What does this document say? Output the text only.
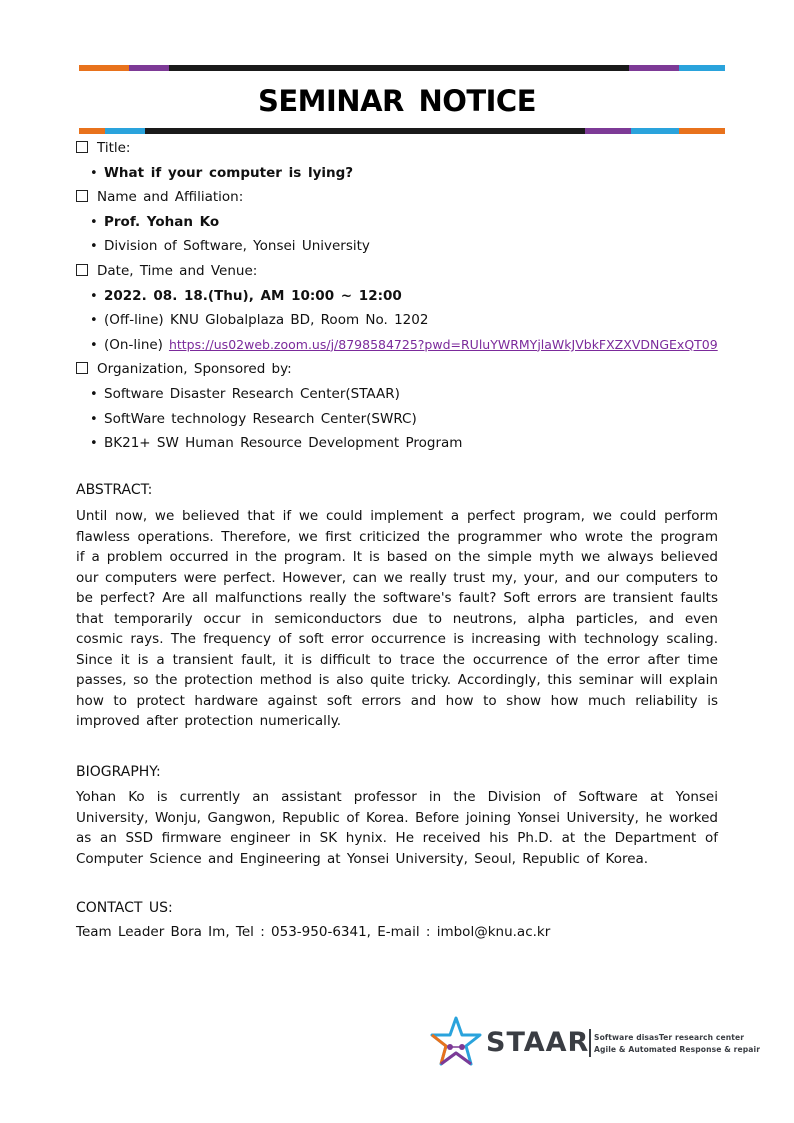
SEMINAR NOTICE
Title:
• What if your computer is lying?
Name and Affiliation:
• Prof. Yohan Ko
• Division of Software, Yonsei University
Date, Time and Venue:
• 2022. 08. 18.(Thu), AM 10:00 ~ 12:00
• (Off-line) KNU Globalplaza BD, Room No. 1202
• (On-line) https://us02web.zoom.us/j/8798584725?pwd=RUluYWRMYjlaWkJVbkFXZXVDNGExQT09
Organization, Sponsored by:
• Software Disaster Research Center(STAAR)
• SoftWare technology Research Center(SWRC)
• BK21+ SW Human Resource Development Program
ABSTRACT:

Until now, we believed that if we could implement a perfect program, we could perform flawless operations. Therefore, we first criticized the programmer who wrote the program if a problem occurred in the program. It is based on the simple myth we always believed our computers were perfect. However, can we really trust my, your, and our computers to be perfect? Are all malfunctions really the software's fault? Soft errors are transient faults that temporarily occur in semiconductors due to neutrons, alpha particles, and even cosmic rays. The frequency of soft error occurrence is increasing with technology scaling. Since it is a transient fault, it is difficult to trace the occurrence of the error after time passes, so the protection method is also quite tricky. Accordingly, this seminar will explain how to protect hardware against soft errors and how to show how much reliability is improved after protection numerically.

BIOGRAPHY:

Yohan Ko is currently an assistant professor in the Division of Software at Yonsei University, Wonju, Gangwon, Republic of Korea. Before joining Yonsei University, he worked as an SSD firmware engineer in SK hynix. He received his Ph.D. at the Department of Computer Science and Engineering at Yonsei University, Seoul, Republic of Korea.

CONTACT US:
Team Leader Bora Im, Tel : 053-950-6341, E-mail : imbol@knu.ac.kr
STAAR Software disasTer research center
Agile & Automated Response & repair
